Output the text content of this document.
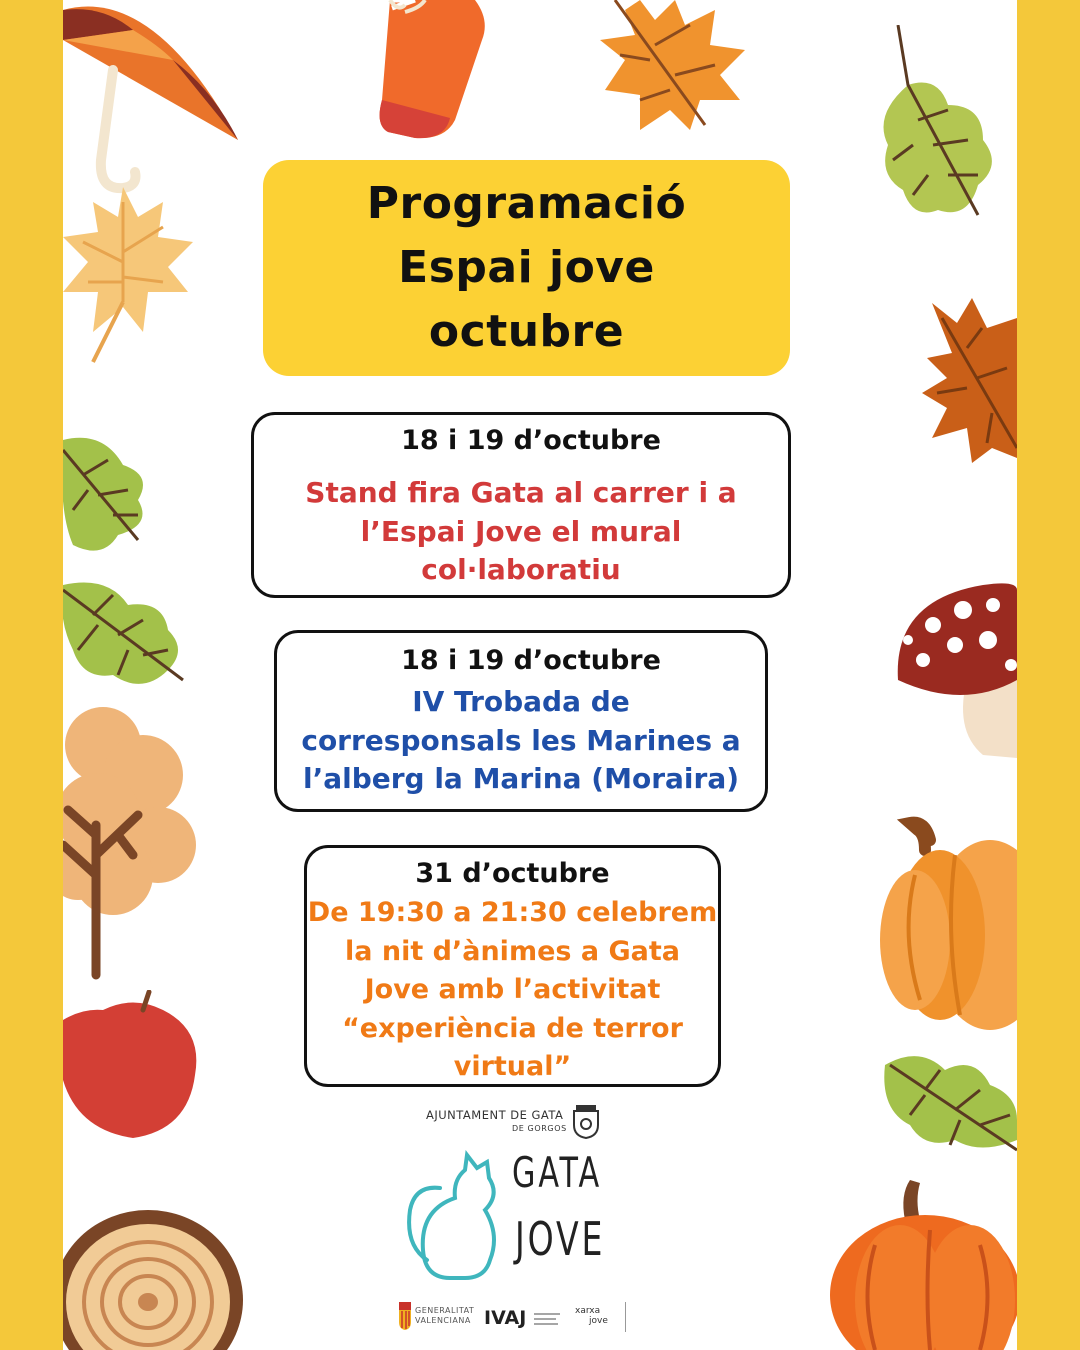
Programació
Espai jove
octubre
18 i 19 d’octubre
Stand fira Gata al carrer i a
l’Espai Jove el mural
col·laboratiu
18 i 19 d’octubre
IV Trobada de
corresponsals les Marines a
l’alberg la Marina (Moraira)
31 d’octubre
De 19:30 a 21:30 celebrem
la nit d’ànimes a Gata
Jove amb l’activitat
“experiència de terror
virtual”
AJUNTAMENT DE GATA
DE GORGOS
GATA
JOVE
GENERALITAT
VALENCIANA IVAJ	xarxa
jove
